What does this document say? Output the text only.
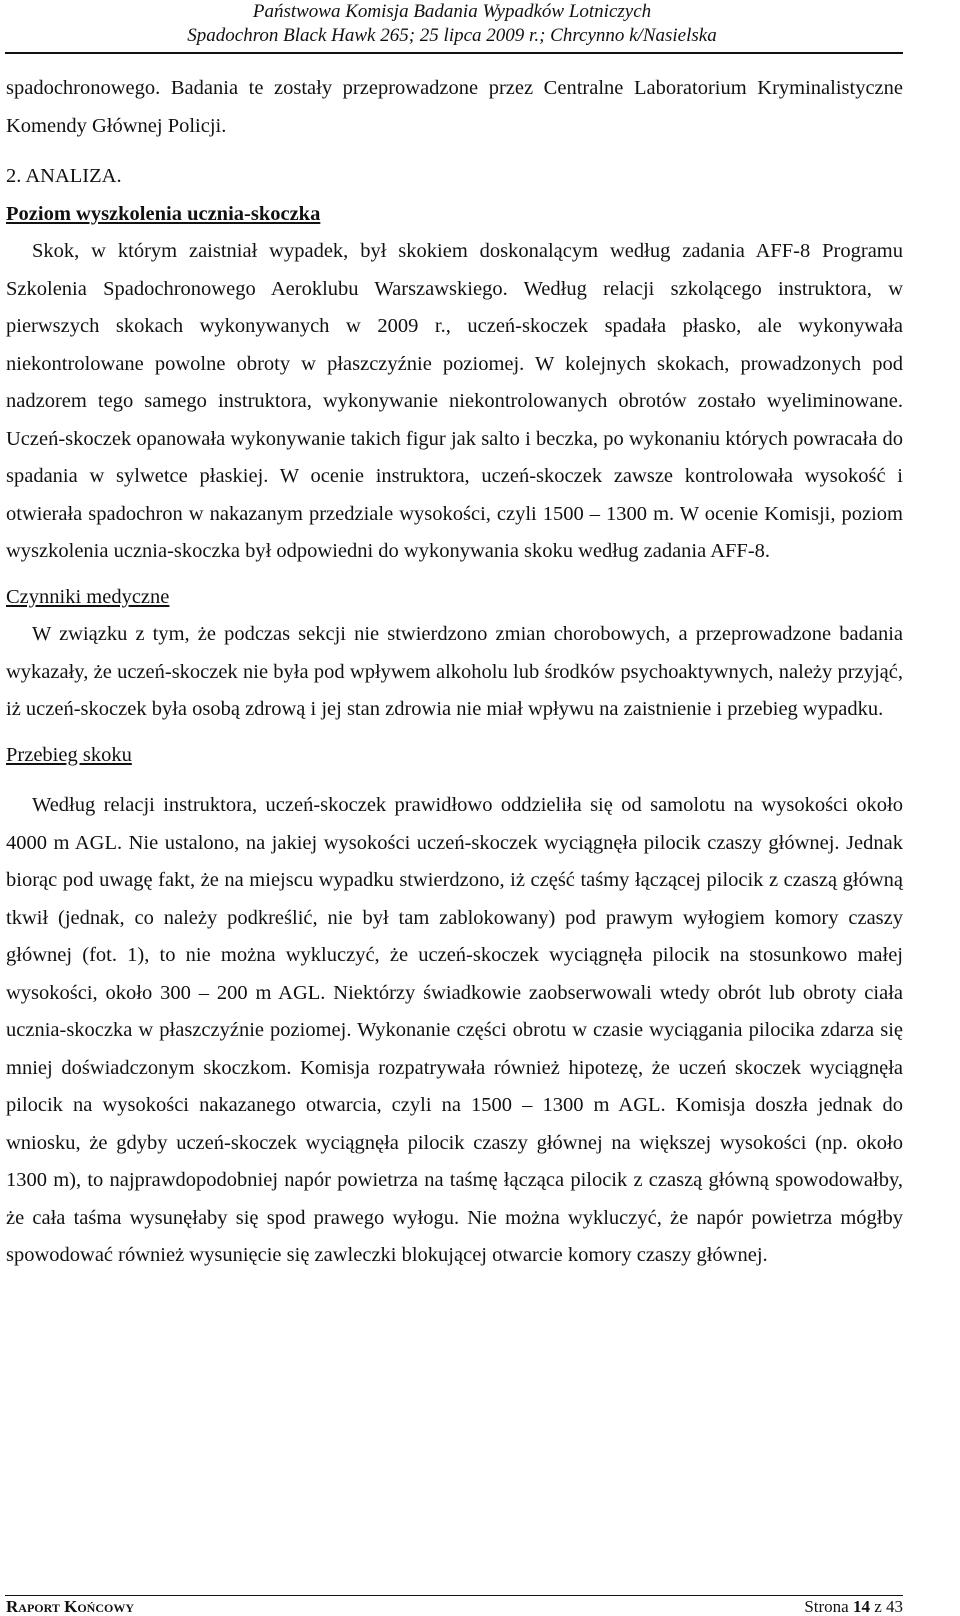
Państwowa Komisja Badania Wypadków Lotniczych
Spadochron Black Hawk 265; 25 lipca 2009 r.; Chrcynno k/Nasielska

spadochronowego. Badania te zostały przeprowadzone przez Centralne Laboratorium Kryminalistyczne Komendy Głównej Policji.

2. ANALIZA.

Poziom wyszkolenia ucznia-skoczka

Skok, w którym zaistniał wypadek, był skokiem doskonalącym według zadania AFF-8 Programu Szkolenia Spadochronowego Aeroklubu Warszawskiego. Według relacji szkolącego instruktora, w pierwszych skokach wykonywanych w 2009 r., uczeń-skoczek spadała płasko, ale wykonywała niekontrolowane powolne obroty w płaszczyźnie poziomej. W kolejnych skokach, prowadzonych pod nadzorem tego samego instruktora, wykonywanie niekontrolowanych obrotów zostało wyeliminowane. Uczeń-skoczek opanowała wykonywanie takich figur jak salto i beczka, po wykonaniu których powracała do spadania w sylwetce płaskiej. W ocenie instruktora, uczeń-skoczek zawsze kontrolowała wysokość i otwierała spadochron w nakazanym przedziale wysokości, czyli 1500 – 1300 m. W ocenie Komisji, poziom wyszkolenia ucznia-skoczka był odpowiedni do wykonywania skoku według zadania AFF-8.

Czynniki medyczne

W związku z tym, że podczas sekcji nie stwierdzono zmian chorobowych, a przeprowadzone badania wykazały, że uczeń-skoczek nie była pod wpływem alkoholu lub środków psychoaktywnych, należy przyjąć, iż uczeń-skoczek była osobą zdrową i jej stan zdrowia nie miał wpływu na zaistnienie i przebieg wypadku.

Przebieg skoku

Według relacji instruktora, uczeń-skoczek prawidłowo oddzieliła się od samolotu na wysokości około 4000 m AGL. Nie ustalono, na jakiej wysokości uczeń-skoczek wyciągnęła pilocik czaszy głównej. Jednak biorąc pod uwagę fakt, że na miejscu wypadku stwierdzono, iż część taśmy łączącej pilocik z czaszą główną tkwił (jednak, co należy podkreślić, nie był tam zablokowany) pod prawym wyłogiem komory czaszy głównej (fot. 1), to nie można wykluczyć, że uczeń-skoczek wyciągnęła pilocik na stosunkowo małej wysokości, około 300 – 200 m AGL. Niektórzy świadkowie zaobserwowali wtedy obrót lub obroty ciała ucznia-skoczka w płaszczyźnie poziomej. Wykonanie części obrotu w czasie wyciągania pilocika zdarza się mniej doświadczonym skoczkom. Komisja rozpatrywała również hipotezę, że uczeń skoczek wyciągnęła pilocik na wysokości nakazanego otwarcia, czyli na 1500 – 1300 m AGL. Komisja doszła jednak do wniosku, że gdyby uczeń-skoczek wyciągnęła pilocik czaszy głównej na większej wysokości (np. około 1300 m), to najprawdopodobniej napór powietrza na taśmę łącząca pilocik z czaszą główną spowodowałby, że cała taśma wysunęłaby się spod prawego wyłogu. Nie można wykluczyć, że napór powietrza mógłby spowodować również wysunięcie się zawleczki blokującej otwarcie komory czaszy głównej.

Raport Końcowy	Strona 14 z 43
